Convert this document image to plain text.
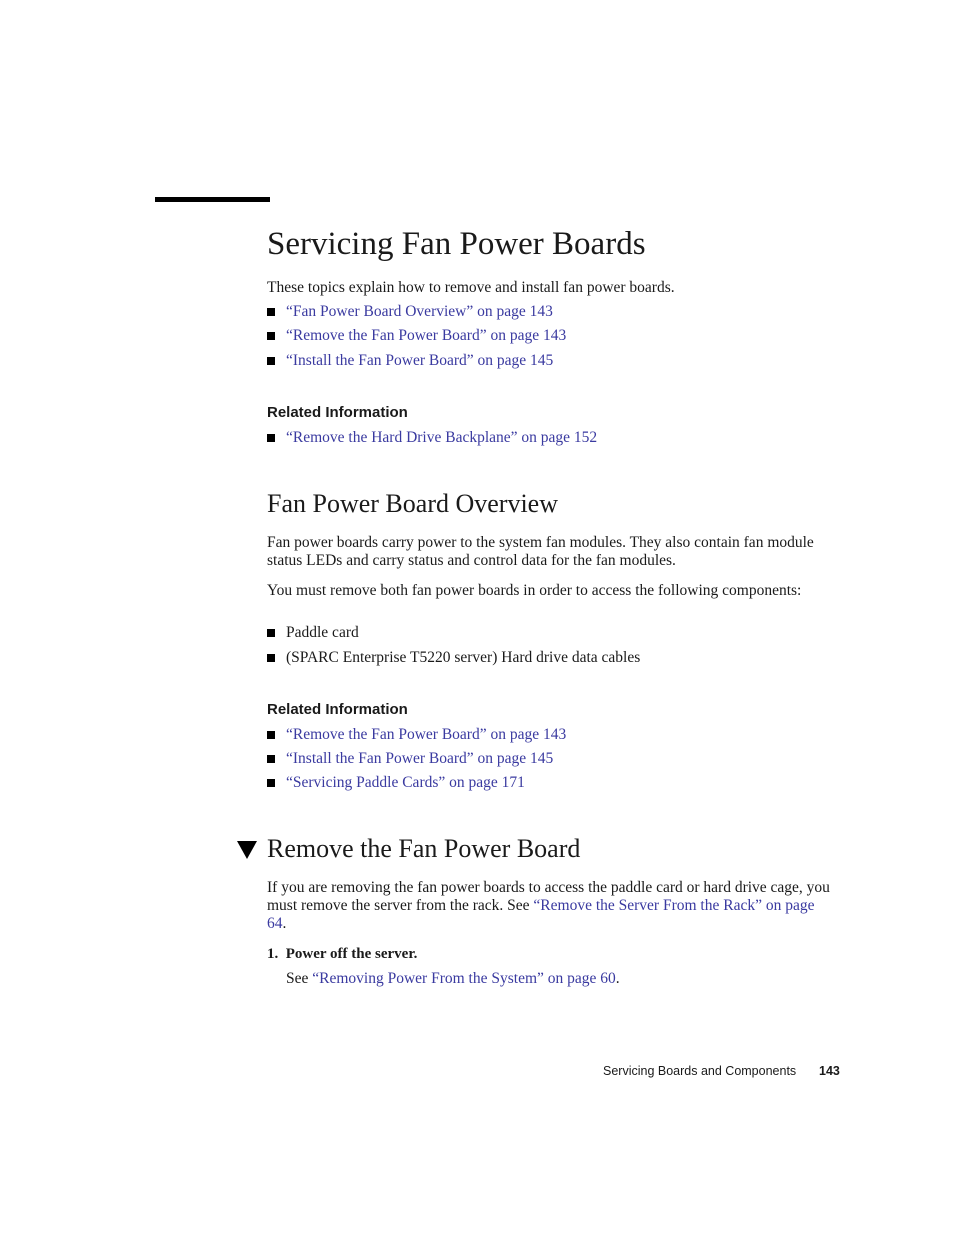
Servicing Fan Power Boards
These topics explain how to remove and install fan power boards.
“Fan Power Board Overview” on page 143
“Remove the Fan Power Board” on page 143
“Install the Fan Power Board” on page 145
Related Information
“Remove the Hard Drive Backplane” on page 152
Fan Power Board Overview
Fan power boards carry power to the system fan modules. They also contain fan module status LEDs and carry status and control data for the fan modules.
You must remove both fan power boards in order to access the following components:
Paddle card
(SPARC Enterprise T5220 server) Hard drive data cables
Related Information
“Remove the Fan Power Board” on page 143
“Install the Fan Power Board” on page 145
“Servicing Paddle Cards” on page 171
Remove the Fan Power Board
If you are removing the fan power boards to access the paddle card or hard drive cage, you must remove the server from the rack. See “Remove the Server From the Rack” on page 64.
1. Power off the server.
See “Removing Power From the System” on page 60.
Servicing Boards and Components 143
